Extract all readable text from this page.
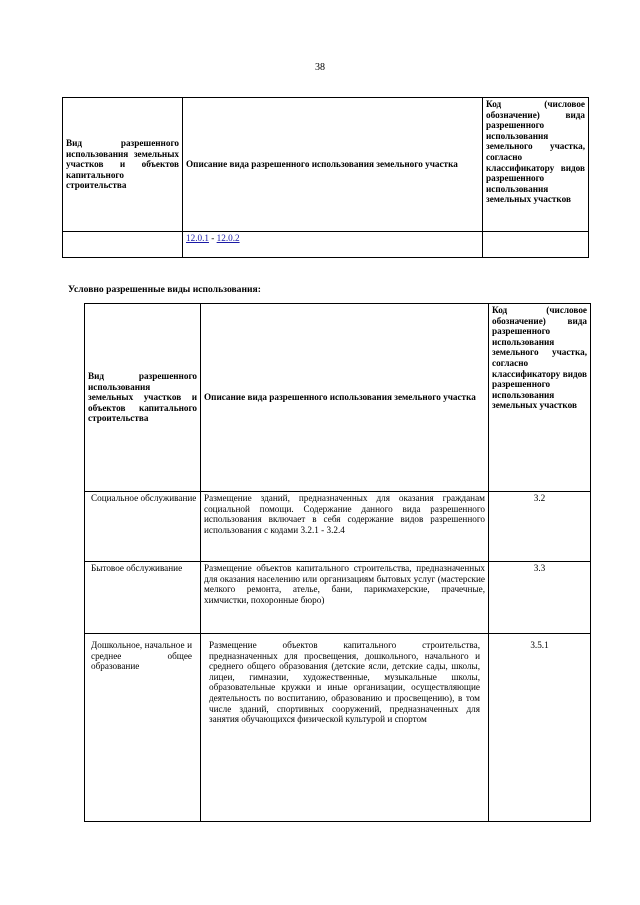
38
Вид разрешенного использования земельных участков и объектов капитального строительства	Описание вида разрешенного использования земельного участка	Код (числовое обозначение) вида разрешенного использования земельного участка, согласно классификатору видов разрешенного использования земельных участков
	12.0.1 - 12.0.2	
Условно разрешенные виды использования:
Вид разрешенного использования земельных участков и объектов капитального строительства	Описание вида разрешенного использования земельного участка	Код (числовое обозначение) вида разрешенного использования земельного участка, согласно классификатору видов разрешенного использования земельных участков
Социальное обслуживание	Размещение зданий, предназначенных для оказания гражданам социальной помощи. Содержание данного вида разрешенного использования включает в себя содержание видов разрешенного использования с кодами 3.2.1 - 3.2.4	3.2
Бытовое обслуживание	Размещение объектов капитального строительства, предназначенных для оказания населению или организациям бытовых услуг (мастерские мелкого ремонта, ателье, бани, парикмахерские, прачечные, химчистки, похоронные бюро)	3.3
Дошкольное, начальное и среднее общее образование	Размещение объектов капитального строительства, предназначенных для просвещения, дошкольного, начального и среднего общего образования (детские ясли, детские сады, школы, лицеи, гимназии, художественные, музыкальные школы, образовательные кружки и иные организации, осуществляющие деятельность по воспитанию, образованию и просвещению), в том числе зданий, спортивных сооружений, предназначенных для занятия обучающихся физической культурой и спортом	3.5.1
